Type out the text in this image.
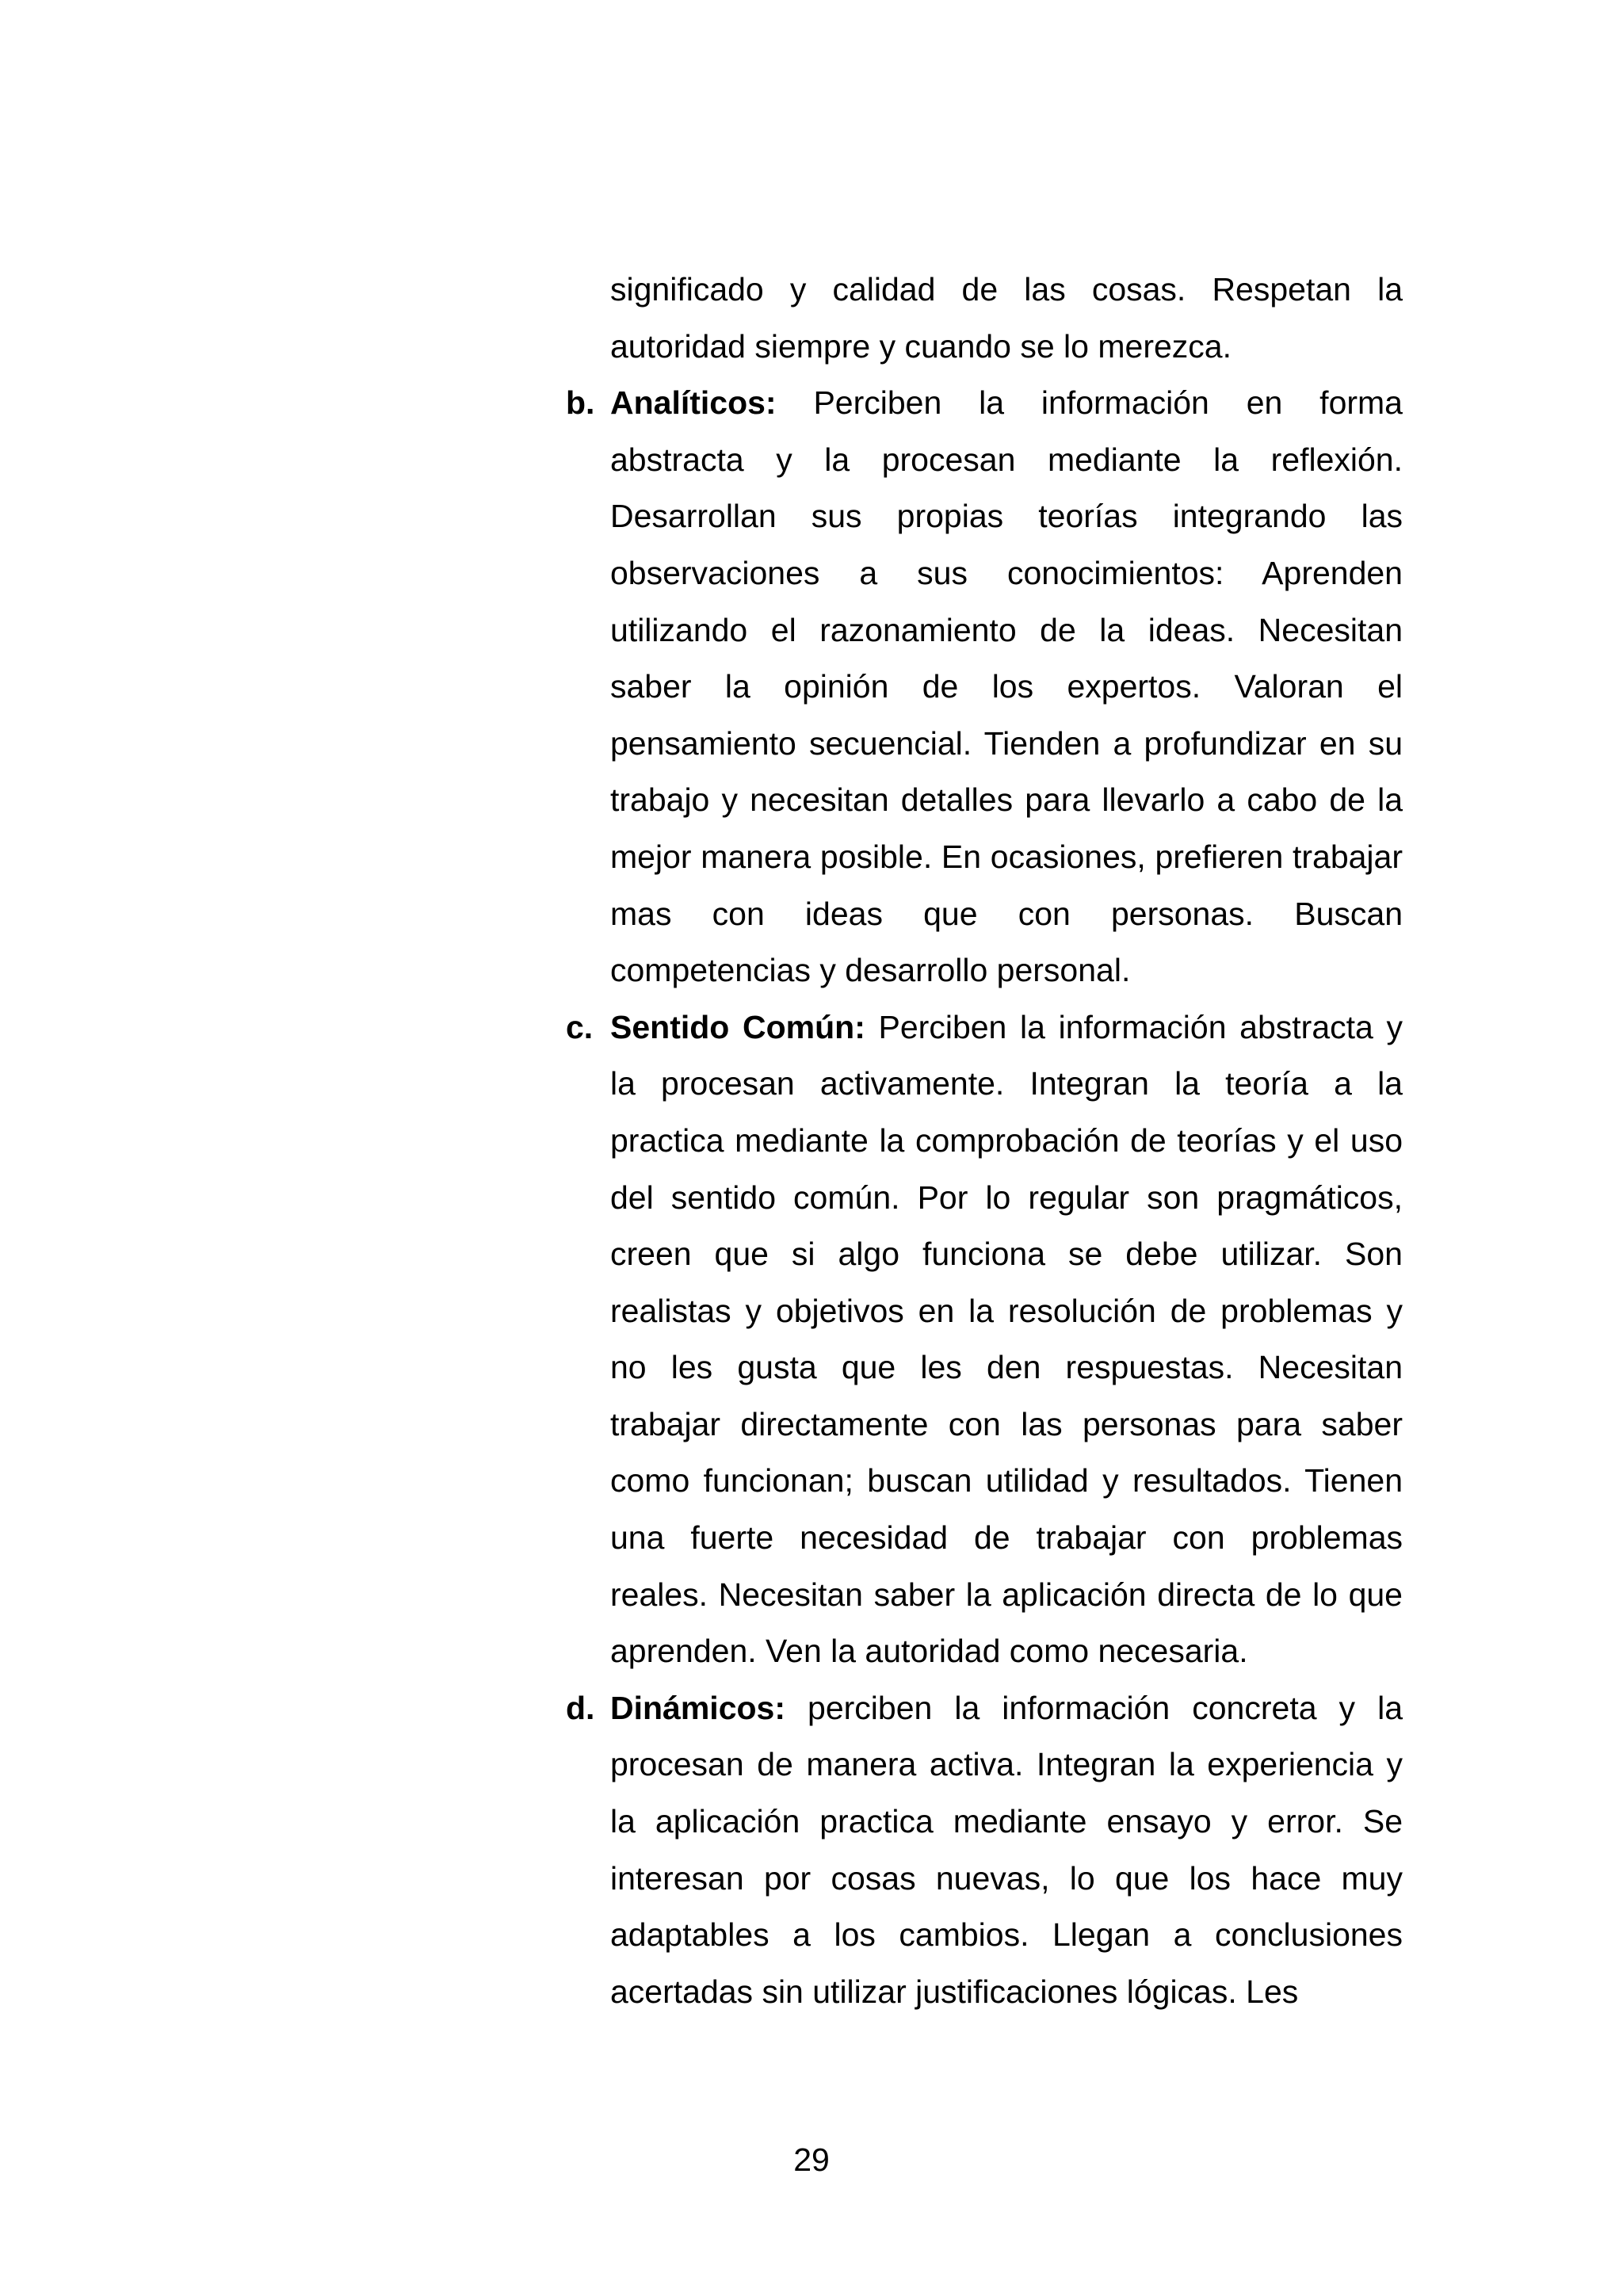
significado y calidad de las cosas. Respetan la autoridad siempre y cuando se lo merezca.

b. Analíticos: Perciben la información en forma abstracta y la procesan mediante la reflexión. Desarrollan sus propias teorías integrando las observaciones a sus conocimientos: Aprenden utilizando el razonamiento de la ideas. Necesitan saber la opinión de los expertos. Valoran el pensamiento secuencial. Tienden a profundizar en su trabajo y necesitan detalles para llevarlo a cabo de la mejor manera posible. En ocasiones, prefieren trabajar mas con ideas que con personas. Buscan competencias y desarrollo personal.

c. Sentido Común: Perciben la información abstracta y la procesan activamente. Integran la teoría a la practica mediante la comprobación de teorías y el uso del sentido común. Por lo regular son pragmáticos, creen que si algo funciona se debe utilizar. Son realistas y objetivos en la resolución de problemas y no les gusta que les den respuestas. Necesitan trabajar directamente con las personas para saber como funcionan; buscan utilidad y resultados. Tienen una fuerte necesidad de trabajar con problemas reales. Necesitan saber la aplicación directa de lo que aprenden. Ven la autoridad como necesaria.

d. Dinámicos: perciben la información concreta y la procesan de manera activa. Integran la experiencia y la aplicación practica mediante ensayo y error. Se interesan por cosas nuevas, lo que los hace muy adaptables a los cambios. Llegan a conclusiones acertadas sin utilizar justificaciones lógicas. Les

29
